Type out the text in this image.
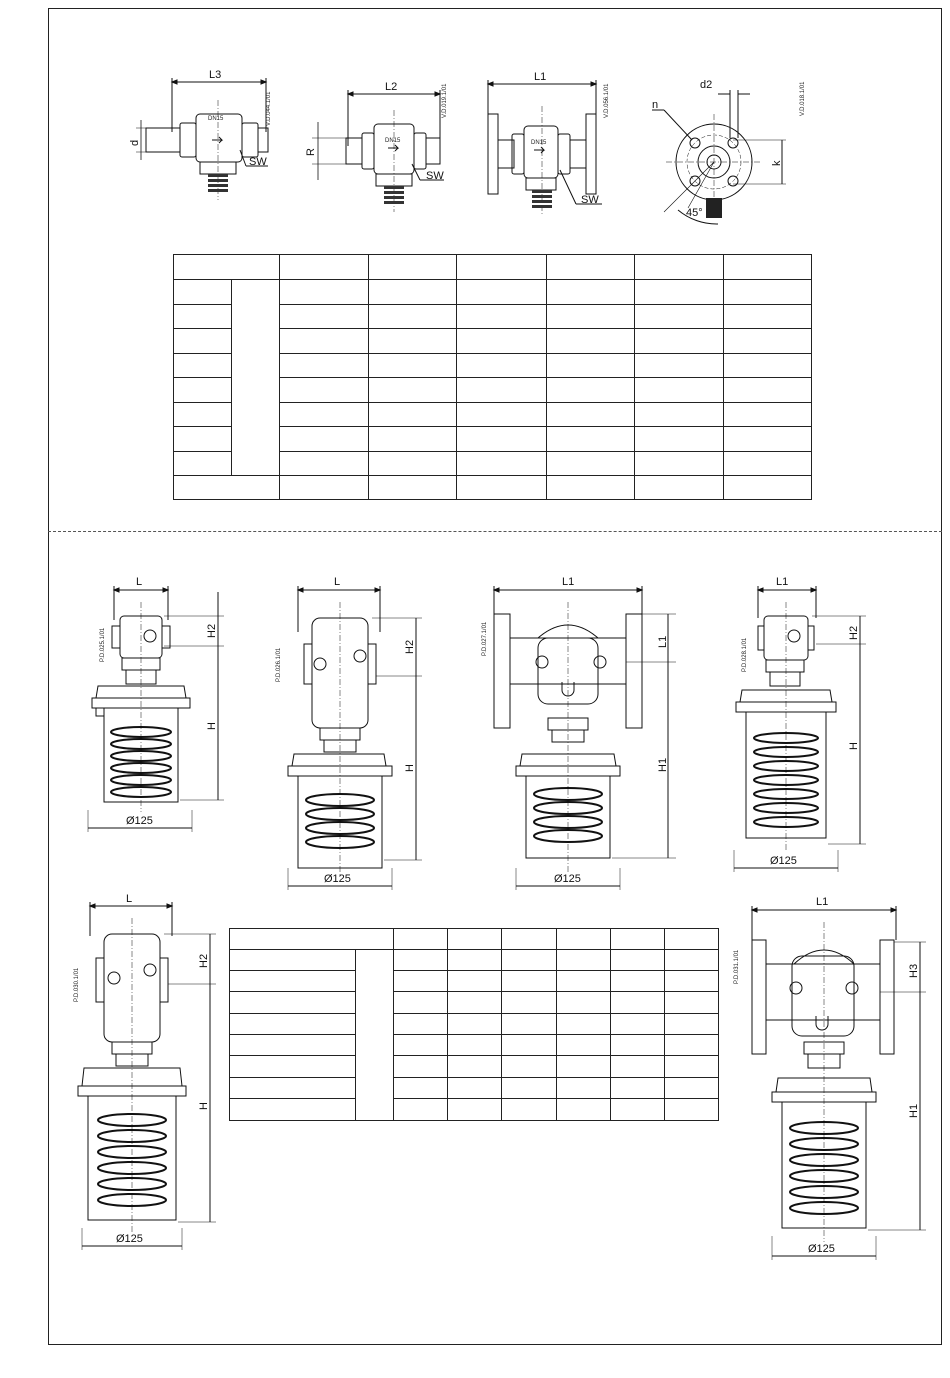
L3
d
SW
DN15	V.D.044.1/01
L2
R
SW
DN15
V.D.019.1/01
L1
SW
DN15
V.D.056.1/01	n
d2
k
45°
V.D.018.1/01

L
H2
H
Ø125
P.D.025.1/01
L
H2
H
Ø125
P.D.026.1/01
L1
L1
H1
Ø125
P.D.027.1/01
L1
H2
H
Ø125
P.D.028.1/01
L
H2
H
Ø125
P.D.030.1/01

L1
H3
H1
Ø125
P.D.031.1/01
